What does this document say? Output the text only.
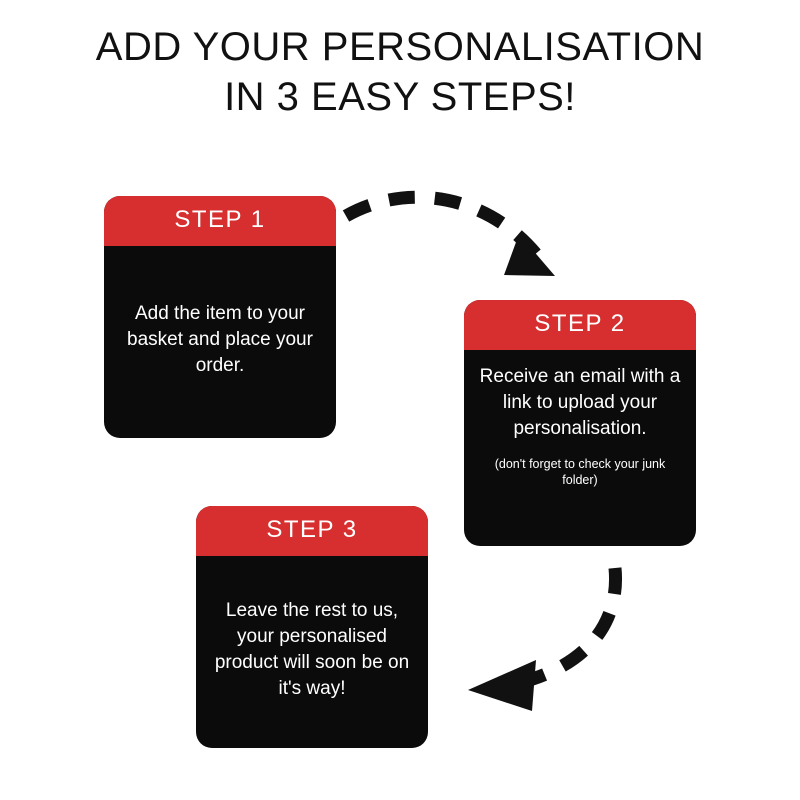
ADD YOUR PERSONALISATION
IN 3 EASY STEPS!
STEP 1
Add the item to your basket and place your order.
STEP 2
Receive an email with a link to upload your personalisation.
(don't forget to check your junk folder)
STEP 3
Leave the rest to us, your personalised product will soon be on it's way!
